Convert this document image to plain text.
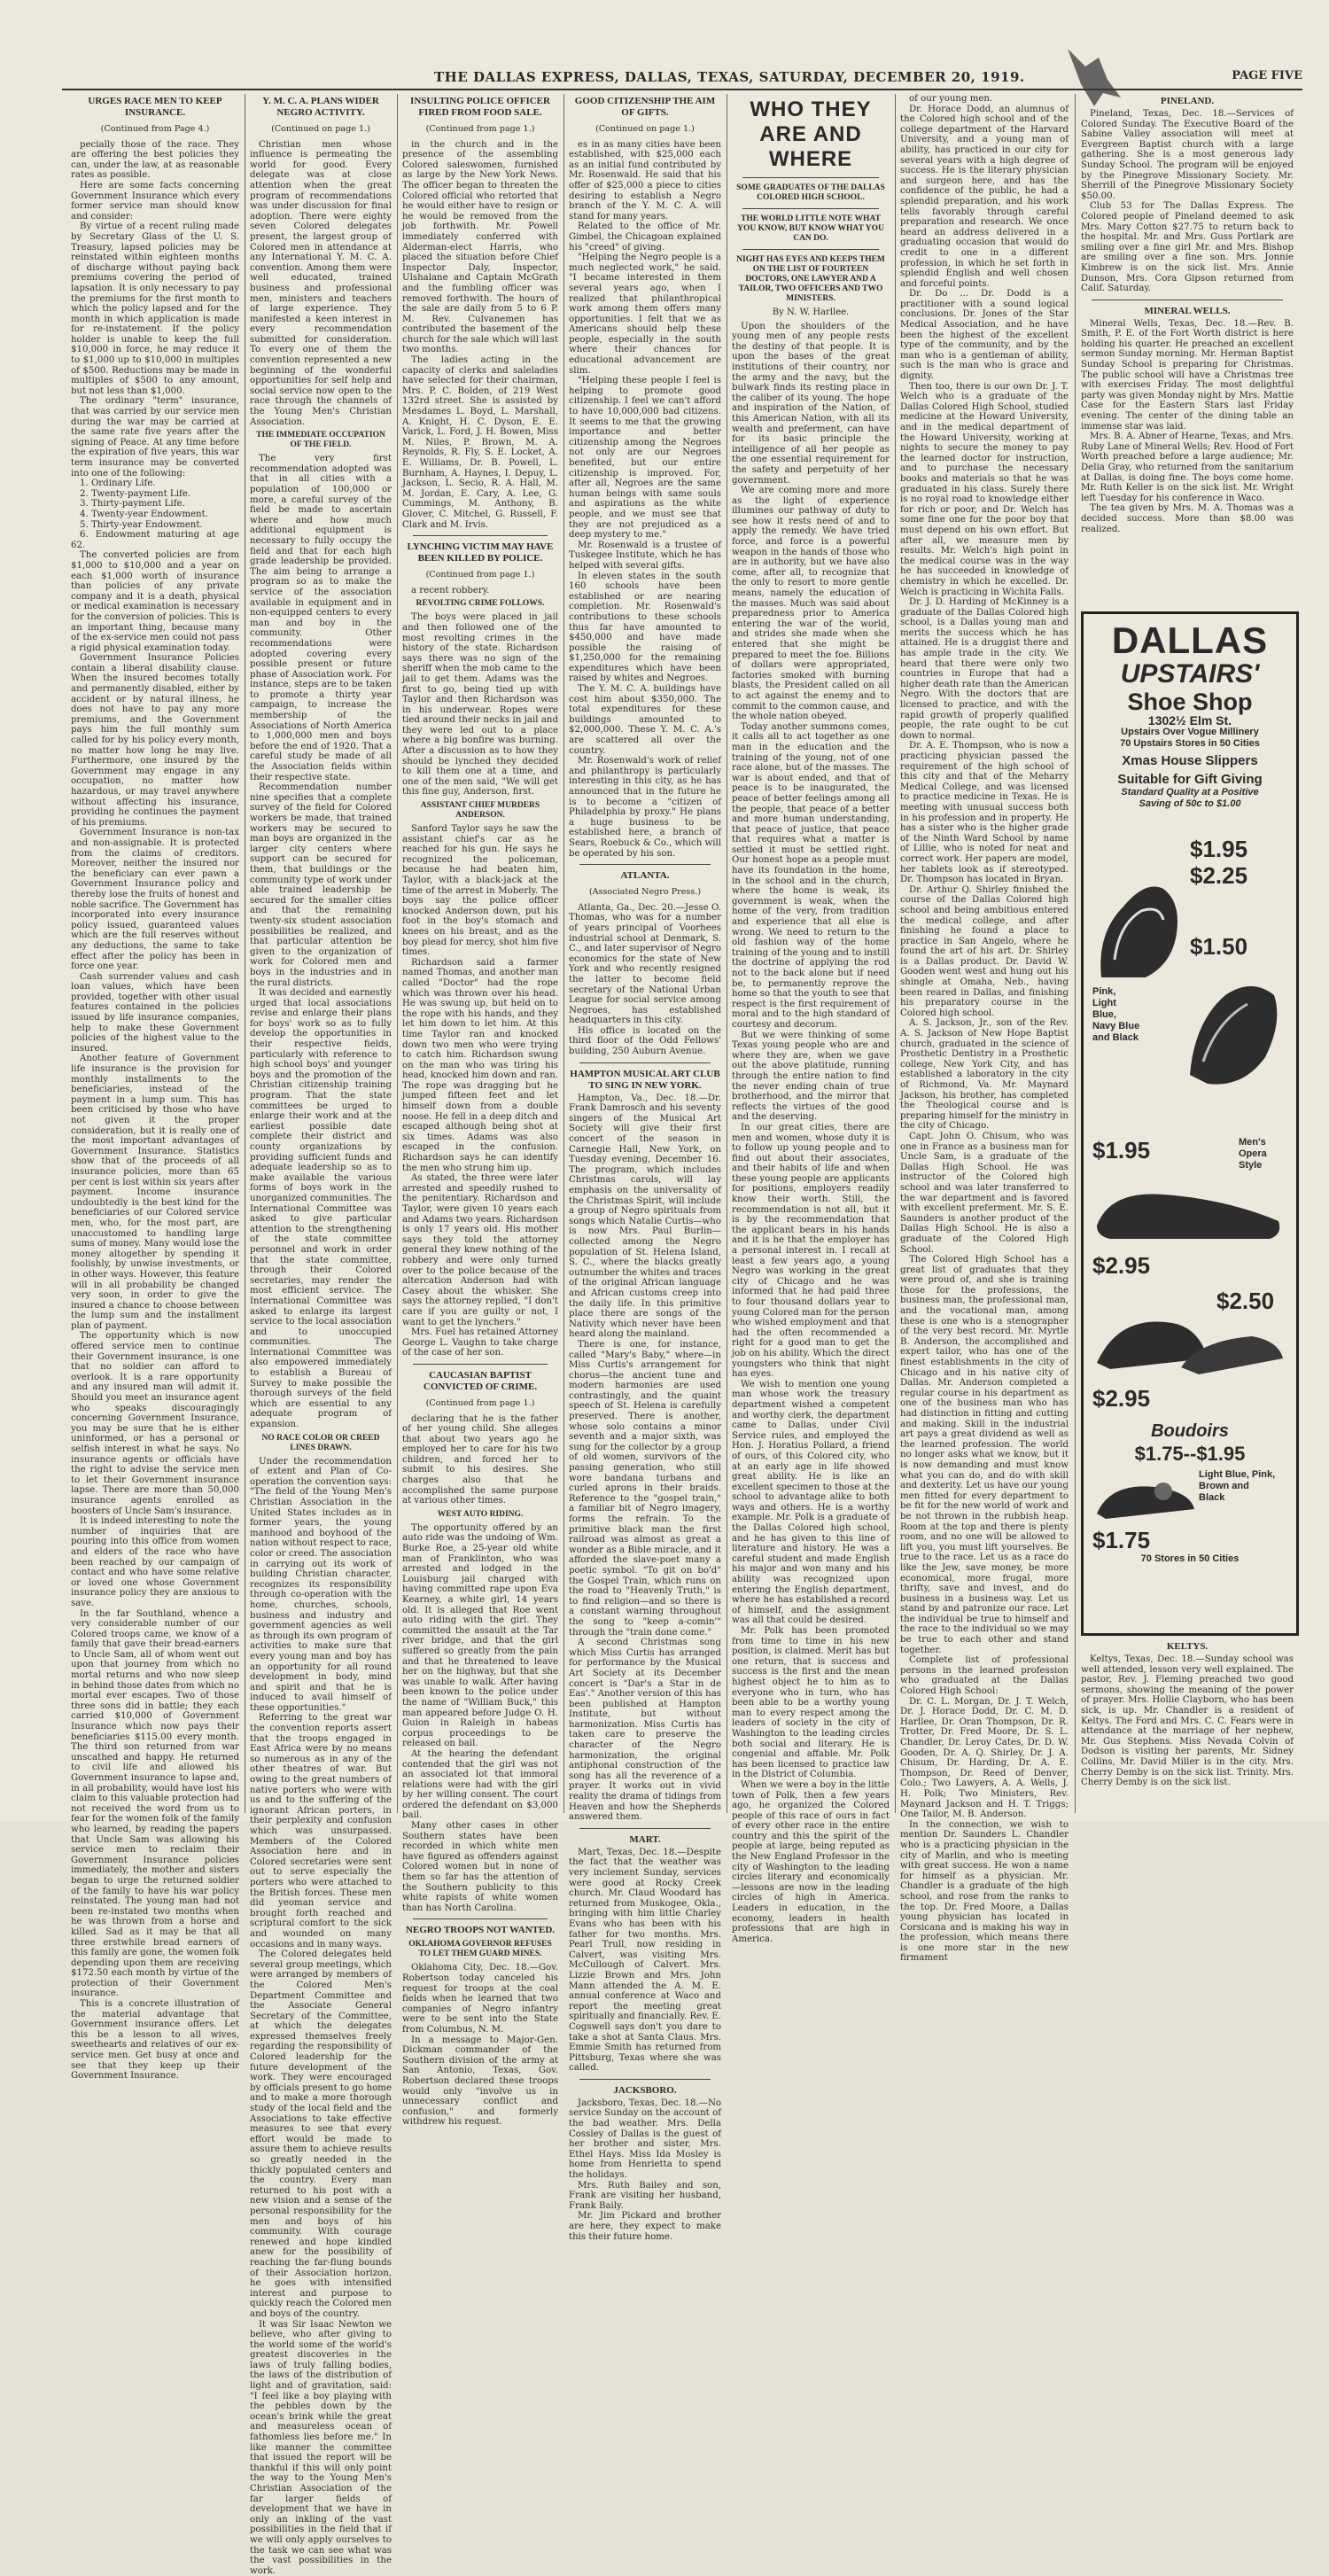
THE DALLAS EXPRESS, DALLAS, TEXAS, SATURDAY, DECEMBER 20, 1919.	PAGE FIVE
URGES RACE MEN TO KEEP INSURANCE.
(Continued from Page 4.)

pecially those of the race. They are offering the best policies they can, under the law, at as reasonable rates as possible.

Here are some facts concerning Government Insurance which every former service man should know and consider:

By virtue of a recent ruling made by Secretary Glass of the U. S. Treasury, lapsed policies may be reinstated within eighteen months of discharge without paying back premiums covering the period of lapsation. It is only necessary to pay the premiums for the first month to which the policy lapsed and for the month in which application is made for re-instatement. If the policy holder is unable to keep the full $10,000 in force, he may reduce it to $1,000 up to $10,000 in multiples of $500. Reductions may be made in multiples of $500 to any amount, but not less than $1,000.

The ordinary "term" insurance, that was carried by our service men during the war may be carried at the same rate five years after the signing of Peace. At any time before the expiration of five years, this war term insurance may be converted into one of the following:

1. Ordinary Life.

2. Twenty-payment Life.

3. Thirty-payment Life.

4. Twenty-year Endowment.

5. Thirty-year Endowment.

6. Endowment maturing at age 62.

The converted policies are from $1,000 to $10,000 and a year on each $1,000 worth of insurance than policies of any private company and it is a death, physical or medical examination is necessary for the conversion of policies. This is an important thing, because many of the ex-service men could not pass a rigid physical examination today.

Government Insurance Policies contain a liberal disability clause. When the insured becomes totally and permanently disabled, either by accident or by natural illness, he does not have to pay any more premiums, and the Government pays him the full monthly sum called for by his policy every month, no matter how long he may live. Furthermore, one insured by the Government may engage in any occupation, no matter how hazardous, or may travel anywhere without affecting his insurance, providing he continues the payment of his premiums.

Government Insurance is non-tax and non-assignable. It is protected from the claims of creditors. Moreover, neither the insured nor the beneficiary can ever pawn a Government Insurance policy and thereby lose the fruits of honest and noble sacrifice. The Government has incorporated into every insurance policy issued, guaranteed values which are the full reserves without any deductions, the same to take effect after the policy has been in force one year.

Cash surrender values and cash loan values, which have been provided, together with other usual features contained in the policies issued by life insurance companies, help to make these Government policies of the highest value to the insured.

Another feature of Government life insurance is the provision for monthly installments to the beneficiaries, instead of the payment in a lump sum. This has been criticised by those who have not given it the proper consideration, but it is really one of the most important advantages of Government Insurance. Statistics show that of the proceeds of all insurance policies, more than 65 per cent is lost within six years after payment. Income insurance undoubtedly is the best kind for the beneficiaries of our Colored service men, who, for the most part, are unaccustomed to handling large sums of money. Many would lose the money altogether by spending it foolishly, by unwise investments, or in other ways. However, this feature will in all probability be changed very soon, in order to give the insured a chance to choose between the lump sum and the installment plan of payment.

The opportunity which is now offered service men to continue their Government insurance, is one that no soldier can afford to overlook. It is a rare opportunity and any insured man will admit it. Should you meet an insurance agent who speaks discouragingly concerning Government Insurance, you may be sure that he is either uninformed, or has a personal or selfish interest in what he says. No insurance agents or officials have the right to advise the service men to let their Government insurance lapse. There are more than 50,000 insurance agents enrolled as boosters of Uncle Sam's insurance.

It is indeed interesting to note the number of inquiries that are pouring into this office from women and elders of the race who have been reached by our campaign of contact and who have some relative or loved one whose Government insurance policy they are anxious to save.

In the far Southland, whence a very considerable number of our Colored troops came, we know of a family that gave their bread-earners to Uncle Sam, all of whom went out upon that journey from which no mortal returns and who now sleep in behind those dates from which no mortal ever escapes. Two of those three sons did in battle; they each carried $10,000 of Government Insurance which now pays their beneficiaries $115.00 every month. The third son returned from war unscathed and happy. He returned to civil life and allowed his Government insurance to lapse and, in all probability, would have lost his claim to this valuable protection had not received the word from us to fear for the women folk of the family who learned, by reading the papers that Uncle Sam was allowing his service men to reclaim their Government Insurance policies immediately, the mother and sisters began to urge the returned soldier of the family to have his war policy reinstated. The young man had not been re-instated two months when he was thrown from a horse and killed. Sad as it may be that all three erstwhile bread earners of this family are gone, the women folk depending upon them are receiving $172.50 each month by virtue of the protection of their Government insurance.

This is a concrete illustration of the material advantage that Government insurance offers. Let this be a lesson to all wives, sweethearts and relatives of our ex-service men. Get busy at once and see that they keep up their Government Insurance.

Y. M. C. A. PLANS WIDER NEGRO ACTIVITY.
(Continued on page 1.)

Christian men whose influence is permeating the world for good. Every delegate was at close attention when the great program of recommendations was under discussion for final adoption. There were eighty seven Colored delegates present, the largest group of Colored men in attendance at any International Y. M. C. A. convention. Among them were well educated, trained business and professional men, ministers and teachers of large experience. They manifested a keen interest in every recommendation submitted for consideration. To every one of them the convention represented a new beginning of the wonderful opportunities for self help and social service now open to the race through the channels of the Young Men's Christian Association.

THE IMMEDIATE OCCUPATION OF THE FIELD.

The very first recommendation adopted was that in all cities with a population of 100,000 or more, a careful survey of the field be made to ascertain where and how much additional equipment is necessary to fully occupy the field and that for each high grade leadership be provided. The aim being to arrange a program so as to make the service of the association available in equipment and in non-equipped centers to every man and boy in the community. Other recommendations were adopted covering every possible present or future phase of Association work. For instance, steps are to be taken to promote a thirty year campaign, to increase the membership of the Associations of North America to 1,000,000 men and boys before the end of 1920. That a careful study be made of all the Association fields within their respective state.

Recommendation number nine specifies that a complete survey of the field for Colored workers be made, that trained workers may be secured to man boys are organized in the larger city centers where support can be secured for them, that buildings or the community type of work under able trained leadership be secured for the smaller cities and that the remaining twenty-six student association possibilities be realized, and that particular attention be given to the organization of work for Colored men and boys in the industries and in the rural districts.

It was decided and earnestly urged that local associations revise and enlarge their plans for boys' work so as to fully develop the opportunities in their respective fields, particularly with reference to high school boys' and younger boys and the promotion of the Christian citizenship training program. That the state committees be urged to enlarge their work and at the earliest possible date complete their district and county organizations by providing sufficient funds and adequate leadership so as to make available the various forms of boys work in the unorganized communities. The International Committee was asked to give particular attention to the strengthening of the state committee personnel and work in order that the state committee, through their Colored secretaries, may render the most efficient service. The International Committee was asked to enlarge its largest service to the local association and to unoccupied communities. The International Committee was also empowered immediately to establish a Bureau of Survey to make possible the thorough surveys of the field which are essential to any adequate program of expansion.

NO RACE COLOR OR CREED LINES DRAWN.

Under the recommendation of extent and Plan of Co-operation the convention says: "The field of the Young Men's Christian Association in the United States includes as in former years, the young manhood and boyhood of the nation without respect to race, color or creed. The association in carrying out its work of building Christian character, recognizes its responsibility through co-operation with the home, churches, schools, business and industry and government agencies as well as through its own program of activities to make sure that every young man and boy has an opportunity for all round development in body, mind and spirit and that he is induced to avail himself of these opportunities."

Referring to the great war the convention reports assert that the troops engaged in East Africa were by no means so numerous as in any of the other theatres of war. But owing to the great numbers of native porters who were with us and to the suffering of the ignorant African porters, in their perplexity and confusion which was unsurpassed. Members of the Colored Association here and in Colored secretaries were sent out to serve especially the porters who were attached to the British forces. These men did yeoman service and brought forth reached and scriptural comfort to the sick and wounded on many occasions and in many ways.

The Colored delegates held several group meetings, which were arranged by members of the Colored Men's Department Committee and the Associate General Secretary of the Committee, at which the delegates expressed themselves freely regarding the responsibility of Colored leadership for the future development of the work. They were encouraged by officials present to go home and to make a more thorough study of the local field and the Associations to take effective measures to see that every effort would be made to assure them to achieve results so greatly needed in the thickly populated centers and the country. Every man returned to his post with a new vision and a sense of the personal responsibility for the men and boys of his community. With courage renewed and hope kindled anew for the possibility of reaching the far-flung bounds of their Association horizon, he goes with intensified interest and purpose to quickly reach the Colored men and boys of the country.

It was Sir Isaac Newton we believe, who after giving to the world some of the world's greatest discoveries in the laws of truly falling bodies, the laws of the distribution of light and of gravitation, said: "I feel like a boy playing with the pebbles down by the ocean's brink while the great and measureless ocean of fathomless lies before me." In like manner the committee that issued the report will be thankful if this will only point the way to the Young Men's Christian Association of the far larger fields of development that we have in only an inkling of the vast possibilities in the field that if we will only apply ourselves to the task we can see what was the vast possibilities in the work.

INSULTING POLICE OFFICER FIRED FROM FOOD SALE.
(Continued from page 1.)

in the church and in the presence of the assembling Colored saleswomen, furnished as large by the New York News. The officer began to threaten the Colored official who retorted that he would either have to resign or he would be removed from the job forthwith. Mr. Powell immediately conferred with Alderman-elect Harris, who placed the situation before Chief Inspector Daly, Inspector, Ulshalane and Captain McGrath and the fumbling officer was removed forthwith. The hours of the sale are daily from 5 to 6 P. M. Rev. Culvanemen has contributed the basement of the church for the sale which will last two months.

The ladies acting in the capacity of clerks and saleladies have selected for their chairman, Mrs. P. C. Bolden, of 219 West 132rd street. She is assisted by Mesdames L. Boyd, L. Marshall, A. Knight, H. C. Dyson, E. E. Varick, L. Ford, J. H. Bowen, Miss M. Niles, P. Brown, M. A. Reynolds, R. Fly, S. E. Locket, A. E. Williams, Dr. B. Powell, L. Burnham, A. Haynes, I. Depuy, L. Jackson, L. Secio, R. A. Hall, M. M. Jordan, E. Cary, A. Lee, G. Cummings, M. Anthony, B. Glover, C. Mitchel, G. Russell, F. Clark and M. Irvis.

LYNCHING VICTIM MAY HAVE BEEN KILLED BY POLICE.
(Continued from page 1.)

a recent robbery.

REVOLTING CRIME FOLLOWS.

The boys were placed in jail and then followed one of the most revolting crimes in the history of the state. Richardson says there was no sign of the sheriff when the mob came to the jail to get them. Adams was the first to go, being tied up with Taylor and then Richardson was in his underwear. Ropes were tied around their necks in jail and they were led out to a place where a big bonfire was burning. After a discussion as to how they should be lynched they decided to kill them one at a time, and one of the men said, "We will get this fine guy, Anderson, first.

ASSISTANT CHIEF MURDERS ANDERSON.

Sanford Taylor says he saw the assistant chief's car as he reached for his gun. He says he recognized the policeman, because he had beaten him, Taylor, with a black-jack at the time of the arrest in Moberly. The boys say the police officer knocked Anderson down, put his foot in the boy's stomach and knees on his breast, and as the boy plead for mercy, shot him five times.

Richardson said a farmer named Thomas, and another man called "Doctor" had the rope which was thrown over his head. He was swung up, but held on to the rope with his hands, and they let him down to let him. At this time Taylor ran and knocked down two men who were trying to catch him. Richardson swung on the man who was tiring his head, knocked him down and ran. The rope was dragging but he jumped fifteen feet and let himself down from a double noose. He fell in a deep ditch and escaped although being shot at six times. Adams was also escaped in the confusion. Richardson says he can identify the men who strung him up.

As stated, the three were later arrested and speedily rushed to the penitentiary. Richardson and Taylor, were given 10 years each and Adams two years. Richardson is only 17 years old. His mother says they told the attorney general they knew nothing of the robbery and were only turned over to the police because of the altercation Anderson had with Casey about the whisker. She says the attorney replied, "I don't care if you are guilty or not, I want to get the lynchers."

Mrs. Fuel has retained Attorney George L. Vaughn to take charge of the case of her son.

CAUCASIAN BAPTIST CONVICTED OF CRIME.
(Continued from page 1.)

declaring that he is the father of her young child. She alleges that about two years ago he employed her to care for his two children, and forced her to submit to his desires. She charges also that he accomplished the same purpose at various other times.

WEST AUTO RIDING.

The opportunity offered by an auto ride was the undoing of Wm. Burke Roe, a 25-year old white man of Franklinton, who was arrested and lodged in the Louisburg jail charged with having committed rape upon Eva Kearney, a white girl, 14 years old. It is alleged that Roe went auto riding with the girl. They committed the assault at the Tar river bridge, and that the girl suffered so greatly from the pain and that he threatened to leave her on the highway, but that she was unable to walk. After having been known to the police under the name of "William Buck," this man appeared before Judge O. H. Guion in Raleigh in habeas corpus proceedings to be released on bail.

At the hearing the defendant contended that the girl was not an associated lot that immoral relations were had with the girl by her willing consent. The court ordered the defendant on $3,000 bail.

Many other cases in other Southern states have been recorded in which white men have figured as offenders against Colored women but in none of them so far has the attention of the Southern publicity to this white rapists of white women than has North Carolina.

NEGRO TROOPS NOT WANTED.
OKLAHOMA GOVERNOR REFUSES TO LET THEM GUARD MINES.

Oklahoma City, Dec. 18.—Gov. Robertson today canceled his request for troops at the coal fields when he learned that two companies of Negro infantry were to be sent into the State from Columbus, N. M.

In a message to Major-Gen. Dickman commander of the Southern division of the army at San Antonio, Texas, Gov. Robertson declared these troops would only "involve us in unnecessary conflict and confusion," and formerly withdrew his request.

GOOD CITIZENSHIP THE AIM OF GIFTS.
(Continued on page 1.)

es in as many cities have been established, with $25,000 each as an initial fund contributed by Mr. Rosenwald. He said that his offer of $25,000 a piece to cities desiring to establish a Negro branch of the Y. M. C. A. will stand for many years.

Related to the office of Mr. Gimbel, the Chicagoan explained his "creed" of giving.

"Helping the Negro people is a much neglected work," he said. "I became interested in them several years ago, when I realized that philanthropical work among them offers many opportunities. I felt that we as Americans should help these people, especially in the south where their chances for educational advancement are slim.

"Helping these people I feel is helping to promote good citizenship. I feel we can't afford to have 10,000,000 bad citizens. It seems to me that the growing importance and better citizenship among the Negroes not only are our Negroes benefited, but our entire citizenship is improved. For, after all, Negroes are the same human beings with same souls and aspirations as the white people, and we must see that they are not prejudiced as a deep mystery to me."

Mr. Rosenwald is a trustee of Tuskegee Institute, which he has helped with several gifts.

In eleven states in the south 160 schools have been established or are nearing completion. Mr. Rosenwald's contributions to these schools thus far have amounted to $450,000 and have made possible the raising of $1,250,000 for the remaining expenditures which have been raised by whites and Negroes.

The Y. M. C. A. buildings have cost him about $350,000. The total expenditures for these buildings amounted to $2,000,000. These Y. M. C. A.'s are scattered all over the country.

Mr. Rosenwald's work of relief and philanthropy is particularly interesting in this city, as he has announced that in the future he is to become a "citizen of Philadelphia by proxy." He plans a huge business to be established here, a branch of Sears, Roebuck & Co., which will be operated by his son.

ATLANTA.
(Associated Negro Press.)

Atlanta, Ga., Dec. 20.—Jesse O. Thomas, who was for a number of years principal of Voorhees industrial school at Denmark, S. C., and later supervisor of Negro economics for the state of New York and who recently resigned the latter to become field secretary of the National Urban League for social service among Negroes, has established headquarters in this city.

His office is located on the third floor of the Odd Fellows' building, 250 Auburn Avenue.

HAMPTON MUSICAL ART CLUB TO SING IN NEW YORK.

Hampton, Va., Dec. 18.—Dr. Frank Damrosch and his seventy singers of the Musical Art Society will give their first concert of the season in Carnegie Hall, New York, on Tuesday evening, December 16. The program, which includes Christmas carols, will lay emphasis on the universality of the Christmas Spirit, will include a group of Negro spirituals from songs which Natalie Curtis—who is now Mrs. Paul Burlin—collected among the Negro population of St. Helena Island, S. C., where the blacks greatly outnumber the whites and traces of the original African language and African customs creep into the daily life. In this primitive place there are songs of the Nativity which never have been heard along the mainland.

There is one, for instance, called "Mary's Baby," where—in Miss Curtis's arrangement for chorus—the ancient tune and modern harmonies are used contrastingly, and the quaint speech of St. Helena is carefully preserved. There is another, whose solo contains a minor seventh and a major sixth, was sung for the collector by a group of old women, survivors of the passing generation, who still wore bandana turbans and curled aprons in their braids. Reference to the "gospel train," a familiar bit of Negro imagery, forms the refrain. To the primitive black man the first railroad was almost as great a wonder as a Bible miracle, and it afforded the slave-poet many a poetic symbol. "To git on bo'd" the Gospel Train, which runs on the road to "Heavenly Truth," is to find religion—and so there is a constant warning throughout the song to "keep a-comin'" through the "train done come."

A second Christmas song which Miss Curtis has arranged for performance by the Musical Art Society at its December concert is "Dar's a Star in de Eas'." Another version of this has been published at Hampton Institute, but without harmonization. Miss Curtis has taken care to preserve the character of the Negro harmonization, the original antiphonal construction of the song has all the reverence of a prayer. It works out in vivid reality the drama of tidings from Heaven and how the Shepherds answered them.

MART.

Mart, Texas, Dec. 18.—Despite the fact that the weather was very inclement Sunday, services were good at Rocky Creek church. Mr. Claud Woodard has returned from Muskogee, Okla., bringing with him little Charley Evans who has been with his father for two months. Mrs. Pearl Trull, now residing in Calvert, was visiting Mrs. McCullough of Calvert. Mrs. Lizzie Brown and Mrs. John Mann attended the A. M. E. annual conference at Waco and report the meeting great spiritually and financially. Rev. E. Cogswell says don't you dare to take a shot at Santa Claus. Mrs. Emmie Smith has returned from Pittsburg, Texas where she was called.

JACKSBORO.

Jacksboro, Texas, Dec. 18.—No service Sunday on the account of the bad weather. Mrs. Della Cossley of Dallas is the guest of her brother and sister, Mrs. Ethel Hays. Miss Ida Mosley is home from Henrietta to spend the holidays.

Mrs. Ruth Bailey and son, Frank are visiting her husband, Frank Baily.

Mr. Jim Pickard and brother are here, they expect to make this their future home.

WHO THEY ARE AND WHERE
SOME GRADUATES OF THE DALLAS COLORED HIGH SCHOOL.
THE WORLD LITTLE NOTE WHAT YOU KNOW, BUT KNOW WHAT YOU CAN DO.
NIGHT HAS EYES AND KEEPS THEM ON THE LIST OF FOURTEEN DOCTORS, ONE LAWYER AND A TAILOR, TWO OFFICERS AND TWO MINISTERS.
By N. W. Harllee.

Upon the shoulders of the young men of any people rests the destiny of that people. It is upon the bases of the great institutions of their country, nor the army and the navy, but the bulwark finds its resting place in the caliber of its young. The hope and inspiration of the Nation, of this American Nation, with all its wealth and preferment, can have for its basic principle the intelligence of all her people as the one essential requirement for the safety and perpetuity of her government.

We are coming more and more as the light of experience illumines our pathway of duty to see how it rests need of and to apply the remedy. We have tried force, and force is a powerful weapon in the hands of those who are in authority, but we have also come, after all, to recognize that the only to resort to more gentle means, namely the education of the masses. Much was said about preparedness prior to America entering the war of the world, and strides she made when she entered that she might be prepared to meet the foe. Billions of dollars were appropriated, factories smoked with burning blasts, the President called on all to act against the enemy and to commit to the common cause, and the whole nation obeyed.

Today another summons comes, it calls all to act together as one man in the education and the training of the young, not of one race alone, but of the masses. The war is about ended, and that of peace is to be inaugurated, the peace of better feelings among all the people, that peace of a better and more human understanding, that peace of justice, that peace that requires what a matter is settled it must be settled right. Our honest hope as a people must have its foundation in the home, in the school and in the church, where the home is weak, its government is weak, when the home of the very, from tradition and experience that all else is wrong. We need to return to the old fashion way of the home training of the young and to instill the doctrine of applying the rod not to the back alone but if need be, to permanently reprove the home so that the youth to see that respect is the first requirement of moral and to the high standard of courtesy and decorum.

But we were thinking of some Texas young people who are and where they are, when we gave out the above platitude, running through the entire nation to find the never ending chain of true brotherhood, and the mirror that reflects the virtues of the good and the deserving.

In our great cities, there are men and women, whose duty it is to follow up young people and to find out about their associates, and their habits of life and when these young people are applicants for positions, employers readily know their worth. Still, the recommendation is not all, but it is by the recommendation that the applicant bears in his hands and it is he that the employer has a personal interest in. I recall at least a few years ago, a young Negro was working in the great city of Chicago and he was informed that he had paid three to four thousand dollars year to young Colored man for the person who wished employment and that had the often recommended a right for a good man to get the job on his ability. Which the direct youngsters who think that night has eyes.

We wish to mention one young man whose work the treasury department wished a competent and worthy clerk, the department came to Dallas, under Civil Service rules, and employed the Hon. J. Horatius Pollard, a friend of ours, of this Colored city, who at an early age in life showed great ability. He is like an excellent specimen to those at the school to advantage alike to both ways and others. He is a worthy example. Mr. Polk is a graduate of the Dallas Colored high school, and he has given to this line of literature and history. He was a careful student and made English his major and won many and his ability was recognized upon entering the English department, where he has established a record of himself, and the assignment was all that could be desired.

Mr. Polk has been promoted from time to time in his new position, is claimed. Merit has but one return, that is success and success is the first and the mean highest object he to him as to everyone who in turn, who has been able to be a worthy young man to every respect among the leaders of society in the city of Washington to the leading circles both social and literary. He is congenial and affable. Mr. Polk has been licensed to practice law in the District of Columbia.

When we were a boy in the little town of Polk, then a few years ago, he organized the Colored people of this race of ours in fact of every other race in the entire country and this the spirit of the people at large, being reputed as the New England Professor in the city of Washington to the leading circles literary and economically—lessons are now in the leading circles of high in America. Leaders in education, in the economy, leaders in health professions that are high in America.

of our young men.

Dr. Horace Dodd, an alumnus of the Colored high school and of the college department of the Harvard University, and a young man of ability, has practiced in our city for several years with a high degree of success. He is the literary physician and surgeon here, and has the confidence of the public, he had a splendid preparation, and his work tells favorably through careful preparation and research. We once heard an address delivered in a graduating occasion that would do credit to one in a different profession, in which he set forth in splendid English and well chosen and forceful points.

Dr. Do ... Dr. Dodd is a practitioner with a sound logical conclusions. Dr. Jones of the Star Medical Association, and he have been the highest of the excellent type of the community, and by the man who is a gentleman of ability, such is the man who is grace and dignity.

Then too, there is our own Dr. J. T. Welch who is a graduate of the Dallas Colored High School, studied medicine at the Howard University, and in the medical department of the Howard University, working at nights to secure the money to pay the learned doctor for instruction, and to purchase the necessary books and materials so that he was graduated in his class. Surely there is no royal road to knowledge either for rich or poor, and Dr. Welch has some fine one for the poor boy that must depend on his own effort. But after all, we measure men by results. Mr. Welch's high point in the medical course was in the way he has succeeded in knowledge of chemistry in which he excelled. Dr. Welch is practicing in Wichita Falls.

Dr. J. D. Harding of McKinney is a graduate of the Dallas Colored high school, is a Dallas young man and merits the success which he has attained. He is a druggist there and has ample trade in the city. We heard that there were only two countries in Europe that had a higher death rate than the American Negro. With the doctors that are licensed to practice, and with the rapid growth of properly qualified people, the rate ought to be cut down to normal.

Dr. A. E. Thompson, who is now a practicing physician passed the requirement of the high school of this city and that of the Meharry Medical College, and was licensed to practice medicine in Texas. He is meeting with unusual success both in his profession and in property. He has a sister who is the higher grade of the Ninth Ward School by name of Lillie, who is noted for neat and correct work. Her papers are model, her tablets look as if stereotyped. Dr. Thompson has located in Bryan.

Dr. Arthur Q. Shirley finished the course of the Dallas Colored high school and being ambitious entered the medical college, and after finishing he found a place to practice in San Angelo, where he found the art of his art. Dr. Shirley is a Dallas product. Dr. David W. Gooden went west and hung out his shingle at Omaha, Neb., having been reared in Dallas, and finishing his preparatory course in the Colored high school.

A. S. Jackson, Jr., son of the Rev. A. S. Jackson of New Hope Baptist church, graduated in the science of Prosthetic Dentistry in a Prosthetic college, New York City, and has established a laboratory in the city of Richmond, Va. Mr. Maynard Jackson, his brother, has completed the Theological course and is preparing himself for the ministry in the city of Chicago.

Capt. John O. Chisum, who was one in France as a business man for Uncle Sam, is a graduate of the Dallas High School. He was instructor of the Colored high school and was later transferred to the war department and is favored with excellent preferment. Mr. S. E. Saunders is another product of the Dallas High School. He is also a graduate of the Colored High School.

The Colored High School has a great list of graduates that they were proud of, and she is training those for the professions, the business man, the professional man, and the vocational man, among these is one who is a stenographer of the very best record. Mr. Myrtle B. Anderson, the accomplished and expert tailor, who has one of the finest establishments in the city of Chicago and in his native city of Dallas. Mr. Anderson completed a regular course in his department as one of the business man who has had distinction in fitting and cutting and making. Skill in the industrial art pays a great dividend as well as the learned profession. The world no longer asks what we know, but it is now demanding and must know what you can do, and do with skill and dexterity. Let us have our young men fitted for every department to be fit for the new world of work and be not thrown in the rubbish heap. Room at the top and there is plenty room, and no one will be allowed to lift you, you must lift yourselves. Be true to the race. Let us as a race do like the Jew, save money, be more economical, more frugal, more thrifty, save and invest, and do business in a business way. Let us stand by and patronize our race. Let the individual be true to himself and the race to the individual so we may be true to each other and stand together.

Complete list of professional persons in the learned profession who graduated at the Dallas Colored High School:

Dr. C. L. Morgan, Dr. J. T. Welch, Dr. J. Horace Dodd, Dr. C. M. D. Harllee, Dr. Oran Thompson, Dr. R. Trotter, Dr. Fred Moore, Dr. S. L. Chandler, Dr. Leroy Cates, Dr. D. W. Gooden, Dr. A. Q. Shirley, Dr. J. A. Chisum, Dr. Harding, Dr. A. E. Thompson, Dr. Reed of Denver, Colo.; Two Lawyers, A. A. Wells, J. H. Polk; Two Ministers, Rev. Maynard Jackson and H. T. Triggs; One Tailor, M. B. Anderson.

In the connection, we wish to mention Dr. Saunders L. Chandler who is a practicing physician in the city of Marlin, and who is meeting with great success. He won a name for himself as a physician. Mr. Chandler is a graduate of the high school, and rose from the ranks to the top. Dr. Fred Moore, a Dallas young physician has located in Corsicana and is making his way in the profession, which means there is one more star in the new firmament

PINELAND.

Pineland, Texas, Dec. 18.—Services of Colored Sunday. The Executive Board of the Sabine Valley association will meet at Evergreen Baptist church with a large gathering. She is a most generous lady Sunday School. The program will be enjoyed by the Pinegrove Missionary Society. Mr. Sherrill of the Pinegrove Missionary Society $50.00.

Club 53 for The Dallas Express. The Colored people of Pineland deemed to ask Mrs. Mary Cotton $27.75 to return back to the hospital. Mr. and Mrs. Guss Portlark are smiling over a fine girl Mr. and Mrs. Bishop are smiling over a fine son. Mrs. Jonnie Kimbrew is on the sick list. Mrs. Annie Dunson, Mrs. Cora Gipson returned from Calif. Saturday.

MINERAL WELLS.

Mineral Wells, Texas, Dec. 18.—Rev. B. Smith, P. E. of the Fort Worth district is here holding his quarter. He preached an excellent sermon Sunday morning. Mr. Herman Baptist Sunday School is preparing for Christmas. The public school will have a Christmas tree with exercises Friday. The most delightful party was given Monday night by Mrs. Mattie Case for the Eastern Stars last Friday evening. The center of the dining table an immense star was laid.

Mrs. B. A. Abner of Hearne, Texas, and Mrs. Ruby Lane of Mineral Wells; Rev. Hood of Fort Worth preached before a large audience; Mr. Delia Gray, who returned from the sanitarium at Dallas, is doing fine. The boys come home. Mr. Ruth Keller is on the sick list. Mr. Wright left Tuesday for his conference in Waco.

The tea given by Mrs. M. A. Thomas was a decided success. More than $8.00 was realized.

DALLAS
UPSTAIRS'
Shoe Shop
1302½ Elm St.
Upstairs Over Vogue Millinery
70 Upstairs Stores in 50 Cities
Xmas House Slippers
Suitable for Gift Giving
Standard Quality at a Positive
Saving of 50c to $1.00
$1.95
$2.25
Pink,
Light
Blue,
Navy Blue
and Black
$1.50
$1.95	Men's
Opera
Style
$2.95
$2.50
$2.95
Boudoirs
$1.75--$1.95
Light Blue, Pink,
Brown and
Black
$1.75
70 Stores in 50 Cities
KELTYS.

Keltys, Texas, Dec. 18.—Sunday school was well attended, lesson very well explained. The pastor, Rev. J. Fleming preached two good sermons, showing the meaning of the power of prayer. Mrs. Hollie Clayborn, who has been sick, is up. Mr. Chandler is a resident of Keltys. The Ford and Mrs. C. C. Fears were in attendance at the marriage of her nephew, Mr. Gus Stephens. Miss Nevada Colvin of Dodson is visiting her parents, Mr. Sidney Collins, Mr. David Miller is in the city. Mrs. Cherry Demby is on the sick list. Trinity. Mrs. Cherry Demby is on the sick list.
